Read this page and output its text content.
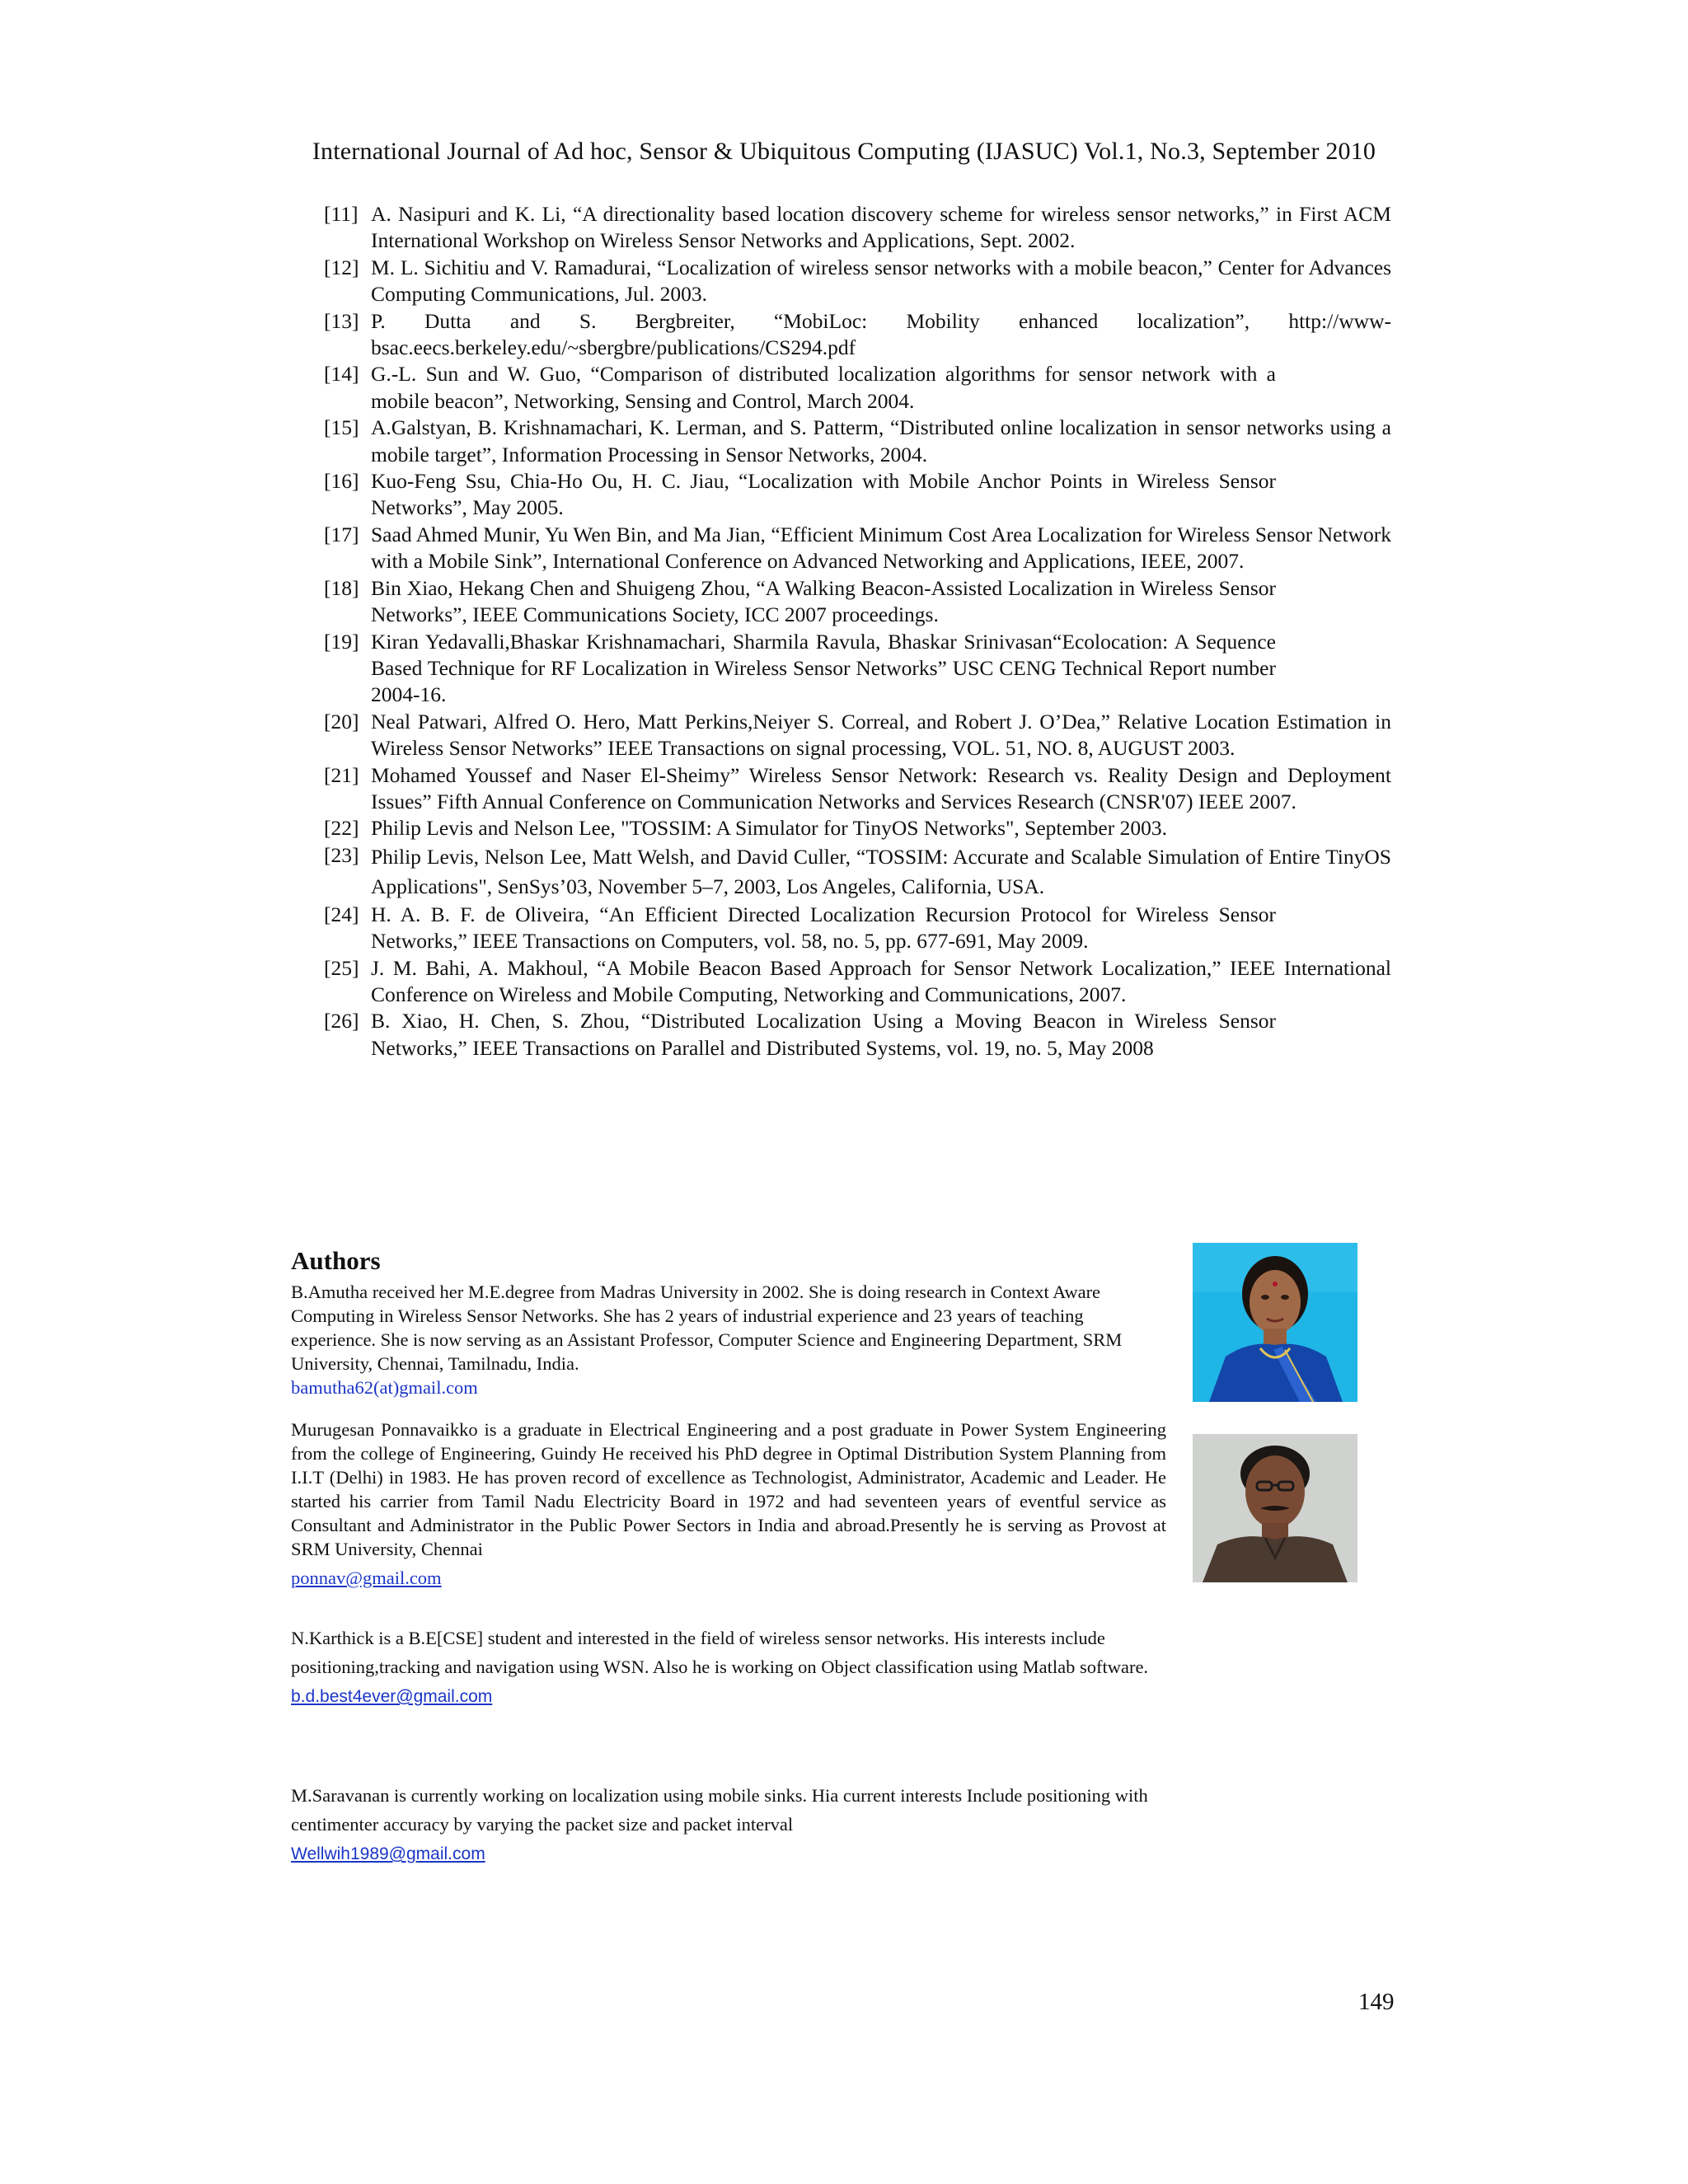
International Journal of Ad hoc, Sensor & Ubiquitous Computing (IJASUC) Vol.1, No.3, September 2010
[11] A. Nasipuri and K. Li, “A directionality based location discovery scheme for wireless sensor networks,” in First ACM International Workshop on Wireless Sensor Networks and Applications, Sept. 2002.
[12] M. L. Sichitiu and V. Ramadurai, “Localization of wireless sensor networks with a mobile beacon,” Center for Advances Computing Communications, Jul. 2003.
[13] P. Dutta and S. Bergbreiter, “MobiLoc: Mobility enhanced localization”, http://www-bsac.eecs.berkeley.edu/~sbergbre/publications/CS294.pdf
[14] G.-L. Sun and W. Guo, “Comparison of distributed localization algorithms for sensor network with a mobile beacon”, Networking, Sensing and Control, March 2004.
[15] A.Galstyan, B. Krishnamachari, K. Lerman, and S. Patterm, “Distributed online localization in sensor networks using a mobile target”, Information Processing in Sensor Networks, 2004.
[16] Kuo-Feng Ssu, Chia-Ho Ou, H. C. Jiau, “Localization with Mobile Anchor Points in Wireless Sensor Networks”, May 2005.
[17] Saad Ahmed Munir, Yu Wen Bin, and Ma Jian, “Efficient Minimum Cost Area Localization for Wireless Sensor Network with a Mobile Sink”, International Conference on Advanced Networking and Applications, IEEE, 2007.
[18] Bin Xiao, Hekang Chen and Shuigeng Zhou, “A Walking Beacon-Assisted Localization in Wireless Sensor Networks”, IEEE Communications Society, ICC 2007 proceedings.
[19] Kiran Yedavalli,Bhaskar Krishnamachari, Sharmila Ravula, Bhaskar Srinivasan“Ecolocation: A Sequence Based Technique for RF Localization in Wireless Sensor Networks” USC CENG Technical Report number 2004-16.
[20] Neal Patwari, Alfred O. Hero, Matt Perkins,Neiyer S. Correal, and Robert J. O’Dea,” Relative Location Estimation in Wireless Sensor Networks” IEEE Transactions on signal processing, VOL. 51, NO. 8, AUGUST 2003.
[21] Mohamed Youssef and Naser El-Sheimy” Wireless Sensor Network: Research vs. Reality Design and Deployment Issues” Fifth Annual Conference on Communication Networks and Services Research (CNSR'07) IEEE 2007.
[22] Philip Levis and Nelson Lee, "TOSSIM: A Simulator for TinyOS Networks", September 2003.
[23] Philip Levis, Nelson Lee, Matt Welsh, and David Culler, “TOSSIM: Accurate and Scalable Simulation of Entire TinyOS Applications", SenSys’03, November 5–7, 2003, Los Angeles, California, USA.
[24] H. A. B. F. de Oliveira, “An Efficient Directed Localization Recursion Protocol for Wireless Sensor Networks,” IEEE Transactions on Computers, vol. 58, no. 5, pp. 677-691, May 2009.
[25] J. M. Bahi, A. Makhoul, “A Mobile Beacon Based Approach for Sensor Network Localization,” IEEE International Conference on Wireless and Mobile Computing, Networking and Communications, 2007.
[26] B. Xiao, H. Chen, S. Zhou, “Distributed Localization Using a Moving Beacon in Wireless Sensor Networks,” IEEE Transactions on Parallel and Distributed Systems, vol. 19, no. 5, May 2008
Authors

B.Amutha received her M.E.degree from Madras University in 2002. She is doing research in Context Aware Computing in Wireless Sensor Networks. She has 2 years of industrial experience and 23 years of teaching experience. She is now serving as an Assistant Professor, Computer Science and Engineering Department, SRM University, Chennai, Tamilnadu, India.

bamutha62(at)gmail.com

Murugesan Ponnavaikko is a graduate in Electrical Engineering and a post graduate in Power System Engineering from the college of Engineering, Guindy He received his PhD degree in Optimal Distribution System Planning from I.I.T (Delhi) in 1983. He has proven record of excellence as Technologist, Administrator, Academic and Leader. He started his carrier from Tamil Nadu Electricity Board in 1972 and had seventeen years of eventful service as Consultant and Administrator in the Public Power Sectors in India and abroad.Presently he is serving as Provost at SRM University, Chennai

ponnav@gmail.com

N.Karthick is a B.E[CSE] student and interested in the field of wireless sensor networks. His interests include positioning,tracking and navigation using WSN. Also he is working on Object classification using Matlab software.

b.d.best4ever@gmail.com

M.Saravanan is currently working on localization using mobile sinks. Hia current interests Include positioning with centimenter accuracy by varying the packet size and packet interval

Wellwih1989@gmail.com

149
